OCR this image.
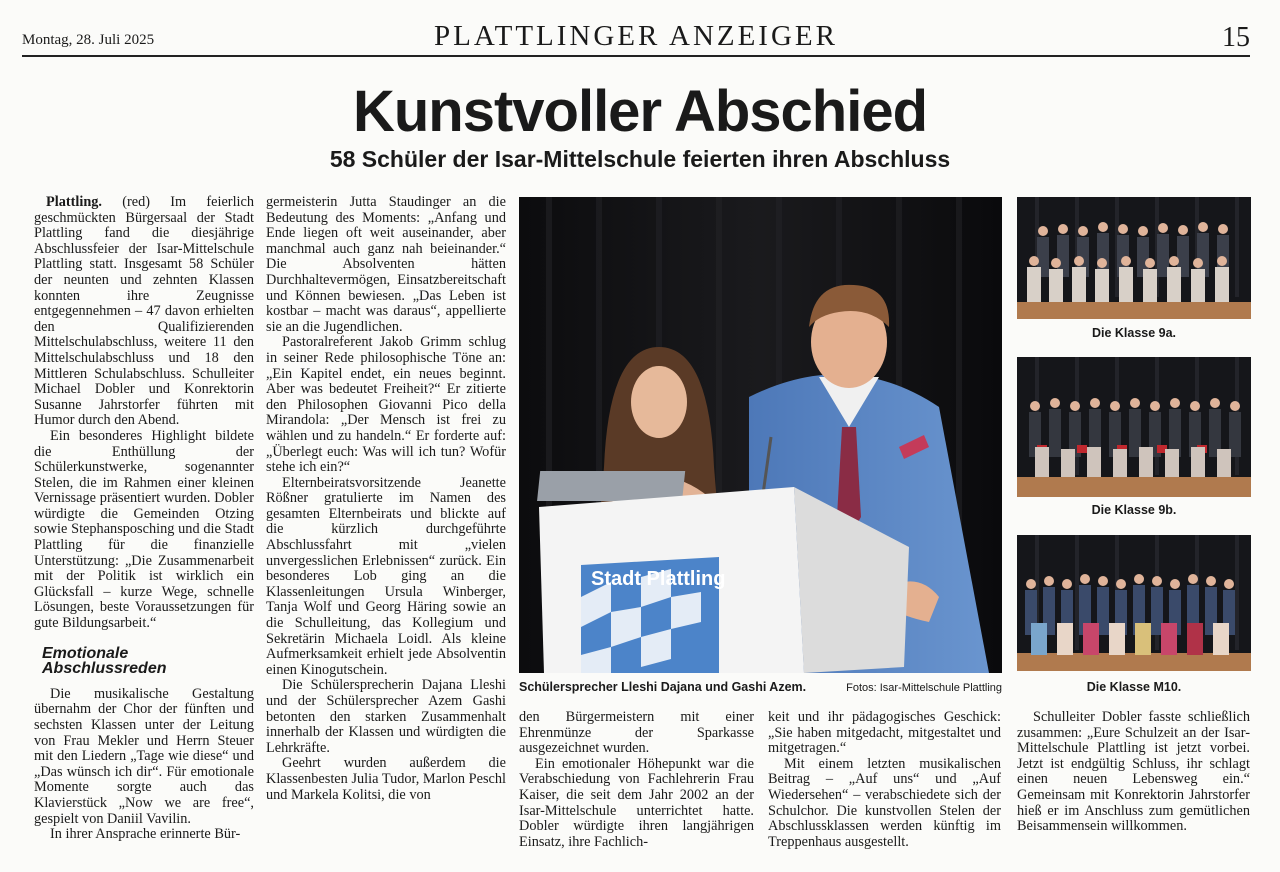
Montag, 28. Juli 2025	PLATTLINGER ANZEIGER	15
Kunstvoller Abschied
58 Schüler der Isar-Mittelschule feierten ihren Abschluss

Plattling. (red) Im feierlich geschmückten Bürgersaal der Stadt Plattling fand die diesjährige Abschlussfeier der Isar-Mittelschule Plattling statt. Insgesamt 58 Schüler der neunten und zehnten Klassen konnten ihre Zeugnisse entgegennehmen – 47 davon erhielten den Qualifizierenden Mittelschulabschluss, weitere 11 den Mittelschulabschluss und 18 den Mittleren Schulabschluss. Schulleiter Michael Dobler und Konrektorin Susanne Jahrstorfer führten mit Humor durch den Abend.

Ein besonderes Highlight bildete die Enthüllung der Schülerkunstwerke, sogenannter Stelen, die im Rahmen einer kleinen Vernissage präsentiert wurden. Dobler würdigte die Gemeinden Otzing sowie Stephansposching und die Stadt Plattling für die finanzielle Unterstützung: „Die Zusammenarbeit mit der Politik ist wirklich ein Glücksfall – kurze Wege, schnelle Lösungen, beste Voraussetzungen für gute Bildungsarbeit.“

Emotionale Abschlussreden

Die musikalische Gestaltung übernahm der Chor der fünften und sechsten Klassen unter der Leitung von Frau Mekler und Herrn Steuer mit den Liedern „Tage wie diese“ und „Das wünsch ich dir“. Für emotionale Momente sorgte auch das Klavierstück „Now we are free“, gespielt von Daniil Vavilin.

In ihrer Ansprache erinnerte Bür-

germeisterin Jutta Staudinger an die Bedeutung des Moments: „Anfang und Ende liegen oft weit auseinander, aber manchmal auch ganz nah beieinander.“ Die Absolventen hätten Durchhaltevermögen, Einsatzbereitschaft und Können bewiesen. „Das Leben ist kostbar – macht was daraus“, appellierte sie an die Jugendlichen.

Pastoralreferent Jakob Grimm schlug in seiner Rede philosophische Töne an: „Ein Kapitel endet, ein neues beginnt. Aber was bedeutet Freiheit?“ Er zitierte den Philosophen Giovanni Pico della Mirandola: „Der Mensch ist frei zu wählen und zu handeln.“ Er forderte auf: „Überlegt euch: Was will ich tun? Wofür stehe ich ein?“

Elternbeiratsvorsitzende Jeanette Rößner gratulierte im Namen des gesamten Elternbeirats und blickte auf die kürzlich durchgeführte Abschlussfahrt mit „vielen unvergesslichen Erlebnissen“ zurück. Ein besonderes Lob ging an die Klassenleitungen Ursula Winberger, Tanja Wolf und Georg Häring sowie an die Schulleitung, das Kollegium und Sekretärin Michaela Loidl. Als kleine Aufmerksamkeit erhielt jede Absolventin einen Kinogutschein.

Die Schülersprecherin Dajana Lleshi und der Schülersprecher Azem Gashi betonten den starken Zusammenhalt innerhalb der Klassen und würdigten die Lehrkräfte.

Geehrt wurden außerdem die Klassenbesten Julia Tudor, Marlon Peschl und Markela Kolitsi, die von

Stadt Plattling
Schülersprecher Lleshi Dajana und Gashi Azem.	Fotos: Isar-Mittelschule Plattling
Die Klasse 9a.
Die Klasse 9b.
Die Klasse M10.

den Bürgermeistern mit einer Ehrenmünze der Sparkasse ausgezeichnet wurden.

Ein emotionaler Höhepunkt war die Verabschiedung von Fachlehrerin Frau Kaiser, die seit dem Jahr 2002 an der Isar-Mittelschule unterrichtet hatte. Dobler würdigte ihren langjährigen Einsatz, ihre Fachlich-

keit und ihr pädagogisches Geschick: „Sie haben mitgedacht, mitgestaltet und mitgetragen.“

Mit einem letzten musikalischen Beitrag – „Auf uns“ und „Auf Wiedersehen“ – verabschiedete sich der Schulchor. Die kunstvollen Stelen der Abschlussklassen werden künftig im Treppenhaus ausgestellt.

Schulleiter Dobler fasste schließlich zusammen: „Eure Schulzeit an der Isar-Mittelschule Plattling ist jetzt vorbei. Jetzt ist endgültig Schluss, ihr schlagt einen neuen Lebensweg ein.“ Gemeinsam mit Konrektorin Jahrstorfer hieß er im Anschluss zum gemütlichen Beisammensein willkommen.
